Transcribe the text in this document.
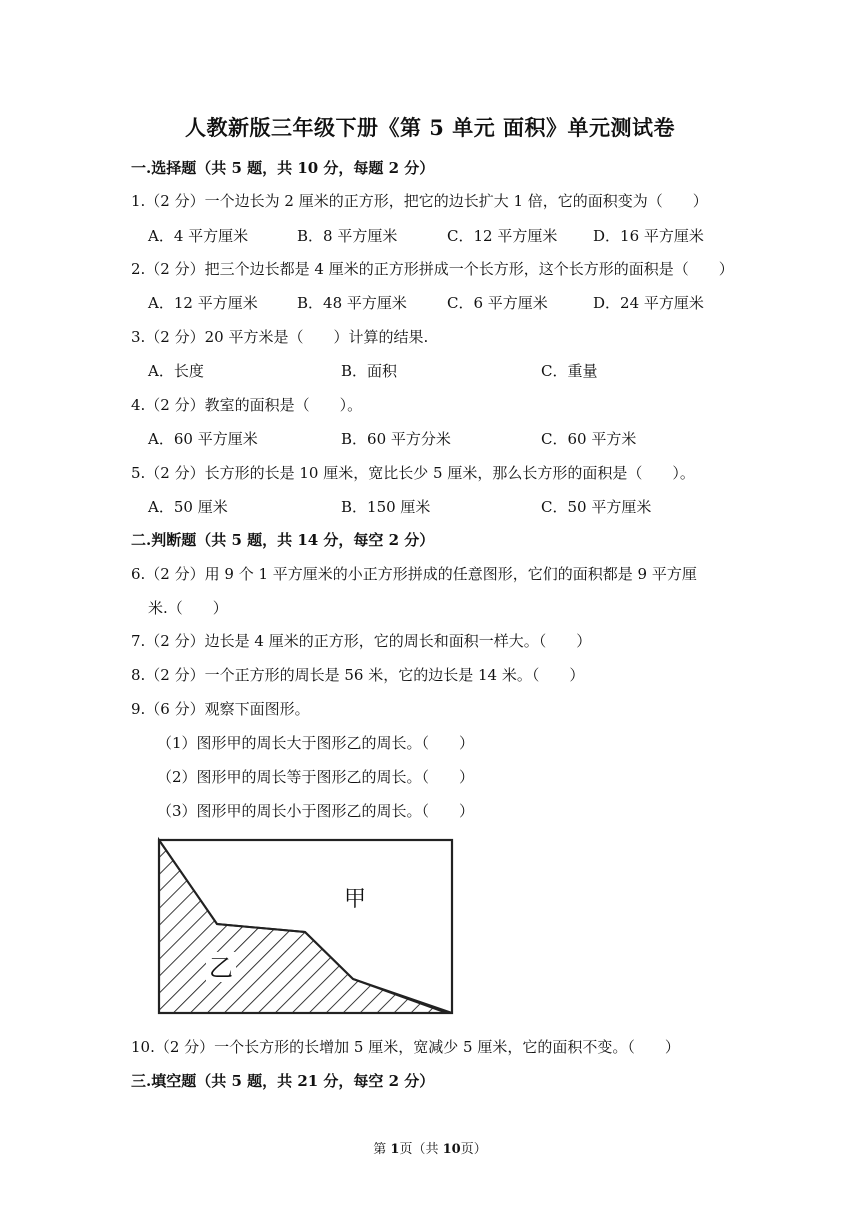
人教新版三年级下册《第 5 单元 面积》单元测试卷
一.选择题（共 5 题，共 10 分，每题 2 分）
1.（2 分）一个边长为 2 厘米的正方形，把它的边长扩大 1 倍，它的面积变为（　　）
A．4 平方厘米	B．8 平方厘米	C．12 平方厘米 D．16 平方厘米
2.（2 分）把三个边长都是 4 厘米的正方形拼成一个长方形，这个长方形的面积是（　　）
A．12 平方厘米	B．48 平方厘米	C．6 平方厘米	D．24 平方厘米
3.（2 分）20 平方米是（　　）计算的结果.
A．长度	B．面积	C．重量
4.（2 分）教室的面积是（　　）。
A．60 平方厘米	B．60 平方分米	C．60 平方米
5.（2 分）长方形的长是 10 厘米，宽比长少 5 厘米，那么长方形的面积是（　　）。
A．50 厘米	B．150 厘米	C．50 平方厘米
二.判断题（共 5 题，共 14 分，每空 2 分）
6.（2 分）用 9 个 1 平方厘米的小正方形拼成的任意图形，它们的面积都是 9 平方厘
米.（　　）
7.（2 分）边长是 4 厘米的正方形，它的周长和面积一样大。（　　）
8.（2 分）一个正方形的周长是 56 米，它的边长是 14 米。（　　）
9.（6 分）观察下面图形。
（1）图形甲的周长大于图形乙的周长。（　　）
（2）图形甲的周长等于图形乙的周长。（　　）
（3）图形甲的周长小于图形乙的周长。（　　）
乙
甲
10.（2 分）一个长方形的长增加 5 厘米，宽减少 5 厘米，它的面积不变。（　　）
三.填空题（共 5 题，共 21 分，每空 2 分）
第 1页（共 10页）
